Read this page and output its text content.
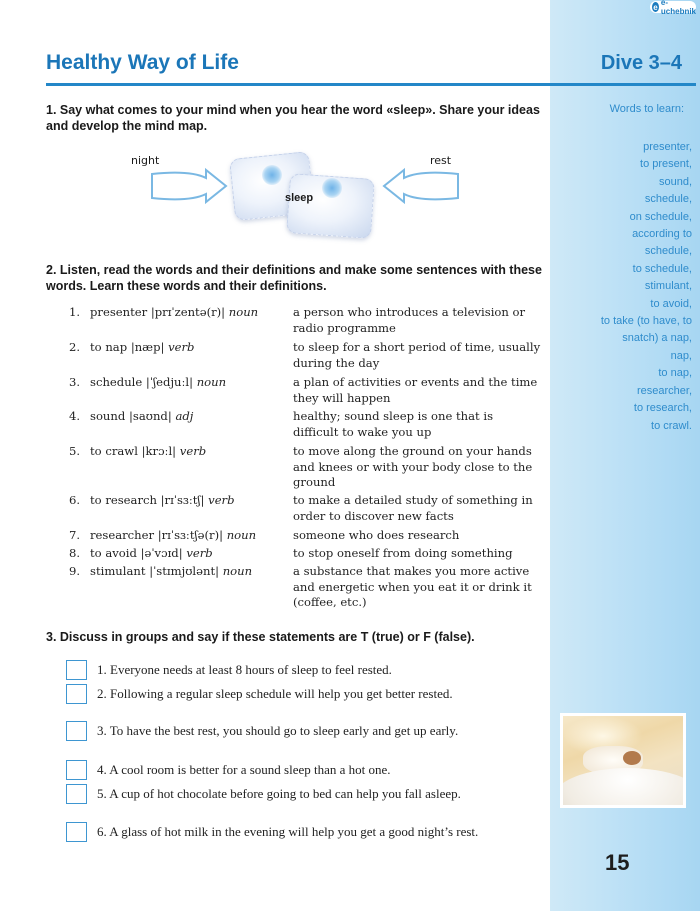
e e-uchebnik
Dive 3–4
Words to learn:
presenter,
to present,
sound,
schedule,
on schedule,
according to
schedule,
to schedule,
stimulant,
to avoid,
to take (to have, to
snatch) a nap,
nap,
to nap,
researcher,
to research,
to crawl.
Healthy Way of Life

1. Say what comes to your mind when you hear the word «sleep». Share your ideas and develop the mind map.

night	rest
sleep

2. Listen, read the words and their definitions and make some sentences with these words. Learn these words and their definitions.

1. presenter |prɪˈzentə(r)| noun	a person who introduces a television or radio programme
2. to nap |næp| verb	to sleep for a short period of time, usually during the day
3. schedule |ˈʃedjuːl| noun	a plan of activities or events and the time they will happen
4. sound |saʊnd| adj	healthy; sound sleep is one that is difficult to wake you up
5. to crawl |krɔːl| verb	to move along the ground on your hands and knees or with your body close to the ground
6. to research |rɪˈsɜːtʃ| verb	to make a detailed study of something in order to discover new facts
7. researcher |rɪˈsɜːtʃə(r)| noun	someone who does research
8. to avoid |əˈvɔɪd| verb	to stop oneself from doing something
9. stimulant |ˈstɪmjʊlənt| noun	a substance that makes you more active and energetic when you eat it or drink it (coffee, etc.)

3. Discuss in groups and say if these statements are T (true) or F (false).

1. Everyone needs at least 8 hours of sleep to feel rested.
2. Following a regular sleep schedule will help you get better rested.
3. To have the best rest, you should go to sleep early and get up early.
4. A cool room is better for a sound sleep than a hot one.
5. A cup of hot chocolate before going to bed can help you fall asleep.
6. A glass of hot milk in the evening will help you get a good night’s rest.
15
